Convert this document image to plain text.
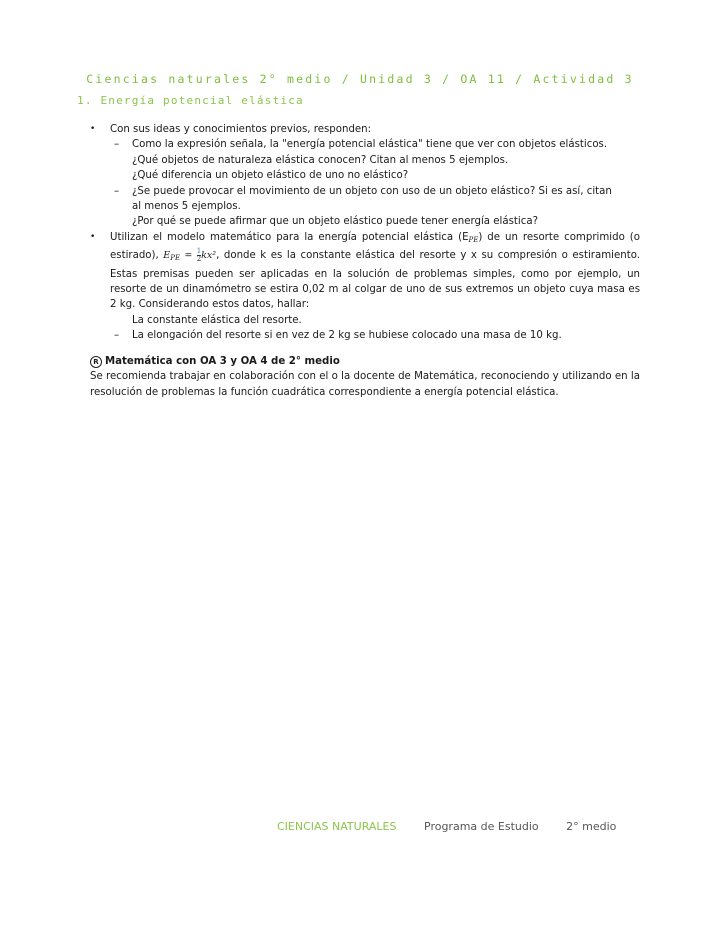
Ciencias naturales 2° medio / Unidad 3 / OA 11 / Actividad 3
1. Energía potencial elástica
• Con sus ideas y conocimientos previos, responden:
– Como la expresión señala, la "energía potencial elástica" tiene que ver con objetos elásticos.
¿Qué objetos de naturaleza elástica conocen? Citan al menos 5 ejemplos.
¿Qué diferencia un objeto elástico de uno no elástico?
– ¿Se puede provocar el movimiento de un objeto con uso de un objeto elástico? Si es así, citan
al menos 5 ejemplos.
¿Por qué se puede afirmar que un objeto elástico puede tener energía elástica?
• Utilizan el modelo matemático para la energía potencial elástica $(E_{PE})$ de un resorte comprimido (o estirado), $E_{PE} = \frac{1}{2} kx^2$, donde k es la constante elástica del resorte y x su compresión o estiramiento. Estas premisas pueden ser aplicadas en la solución de problemas simples, como por ejemplo, un resorte de un dinamómetro se estira 0,02 m al colgar de uno de sus extremos un objeto cuya masa es 2 kg. Considerando estos datos, hallar:
La constante elástica del resorte.
– La elongación del resorte si en vez de 2 kg se hubiese colocado una masa de 10 kg.
R Matemática con OA 3 y OA 4 de 2° medio
Se recomienda trabajar en colaboración con el o la docente de Matemática, reconociendo y utilizando en la resolución de problemas la función cuadrática correspondiente a energía potencial elástica.
CIENCIAS NATURALES	Programa de Estudio	2° medio
